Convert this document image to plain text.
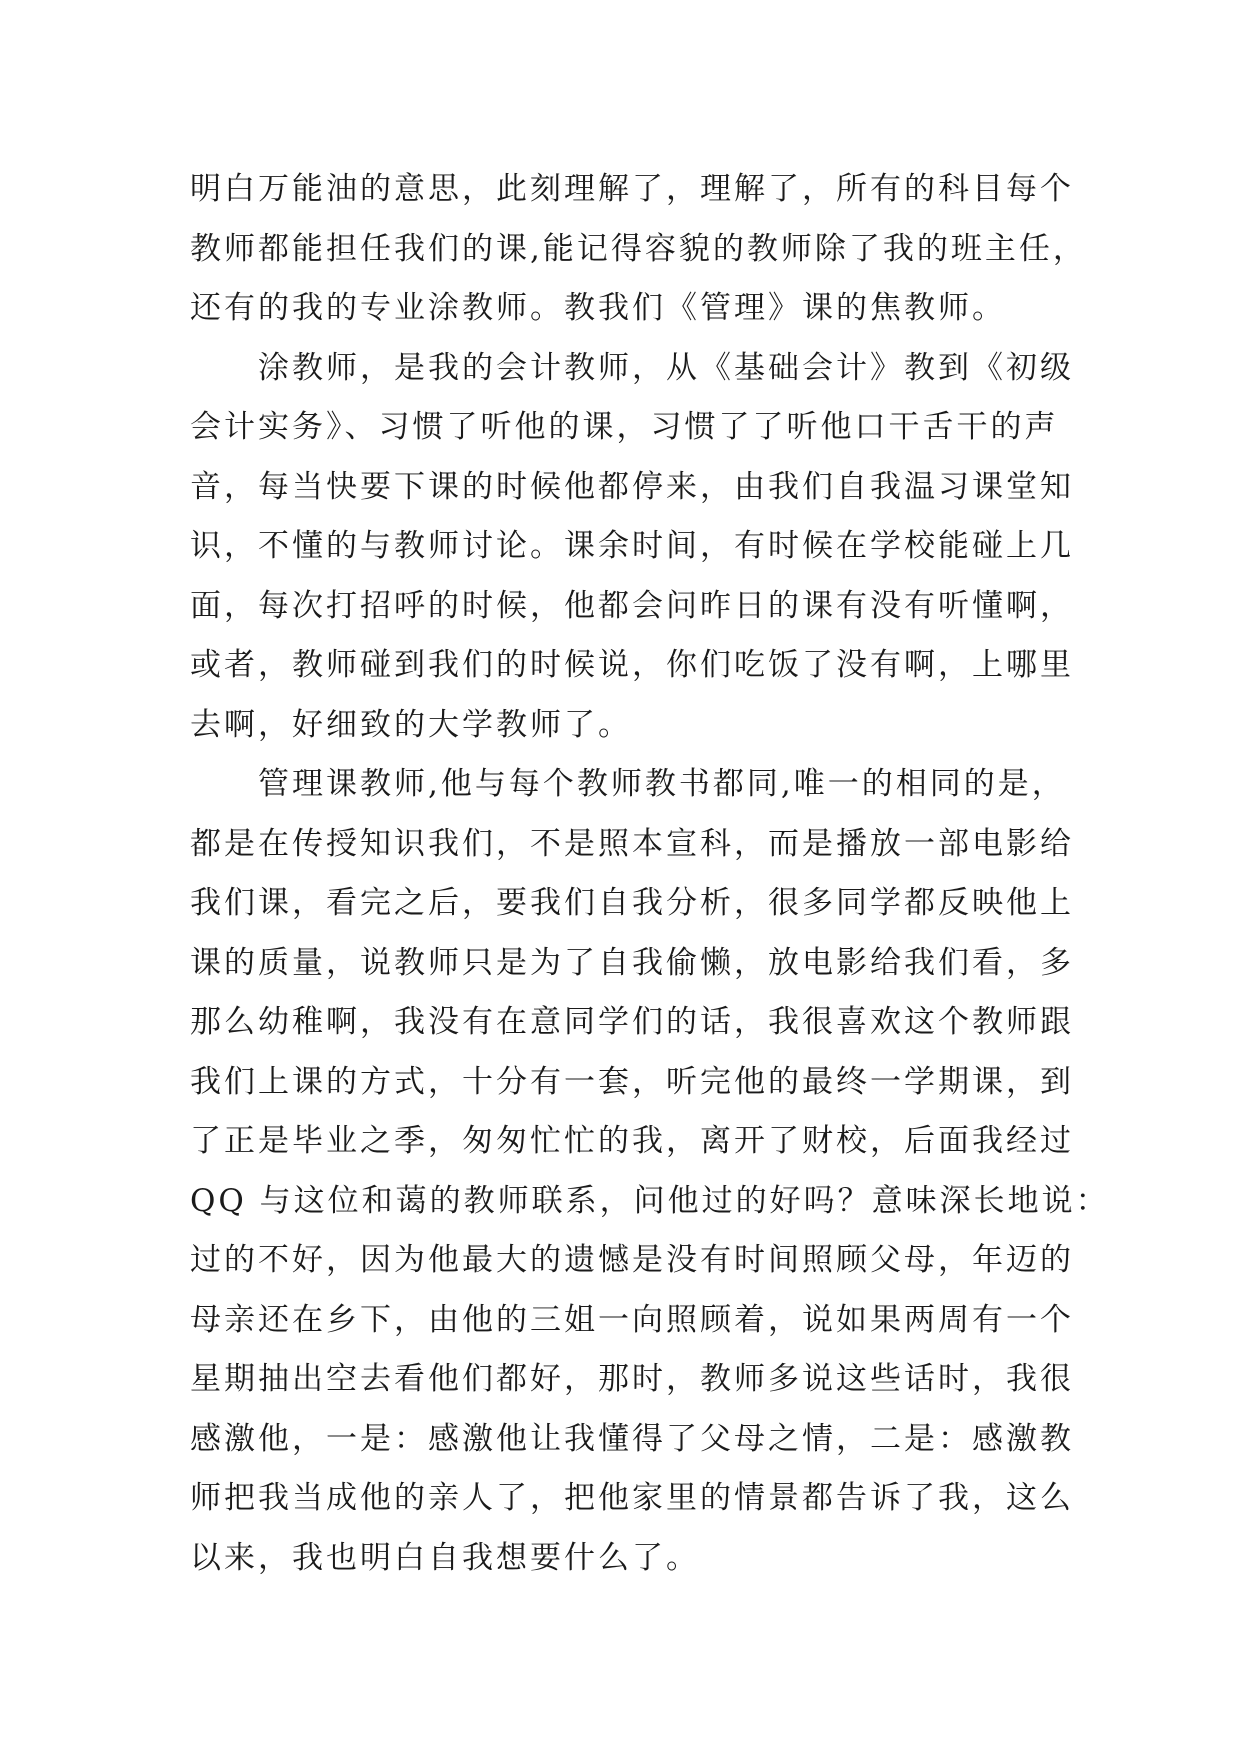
明白万能油的意思，此刻理解了，理解了，所有的科目每个
教师都能担任我们的课,能记得容貌的教师除了我的班主任，
还有的我的专业涂教师。教我们《管理》课的焦教师。
　　涂教师，是我的会计教师，从《基础会计》教到《初级
会计实务》、习惯了听他的课，习惯了了听他口干舌干的声
音，每当快要下课的时候他都停来，由我们自我温习课堂知
识，不懂的与教师讨论。课余时间，有时候在学校能碰上几
面，每次打招呼的时候，他都会问昨日的课有没有听懂啊，
或者，教师碰到我们的时候说，你们吃饭了没有啊，上哪里
去啊，好细致的大学教师了。
　　管理课教师,他与每个教师教书都同,唯一的相同的是，
都是在传授知识我们，不是照本宣科，而是播放一部电影给
我们课，看完之后，要我们自我分析，很多同学都反映他上
课的质量，说教师只是为了自我偷懒，放电影给我们看，多
那么幼稚啊，我没有在意同学们的话，我很喜欢这个教师跟
我们上课的方式，十分有一套，听完他的最终一学期课，到
了正是毕业之季，匆匆忙忙的我，离开了财校，后面我经过
QQ 与这位和蔼的教师联系，问他过的好吗？意味深长地说：
过的不好，因为他最大的遗憾是没有时间照顾父母，年迈的
母亲还在乡下，由他的三姐一向照顾着，说如果两周有一个
星期抽出空去看他们都好，那时，教师多说这些话时，我很
感激他，一是：感激他让我懂得了父母之情，二是：感激教
师把我当成他的亲人了，把他家里的情景都告诉了我，这么
以来，我也明白自我想要什么了。
